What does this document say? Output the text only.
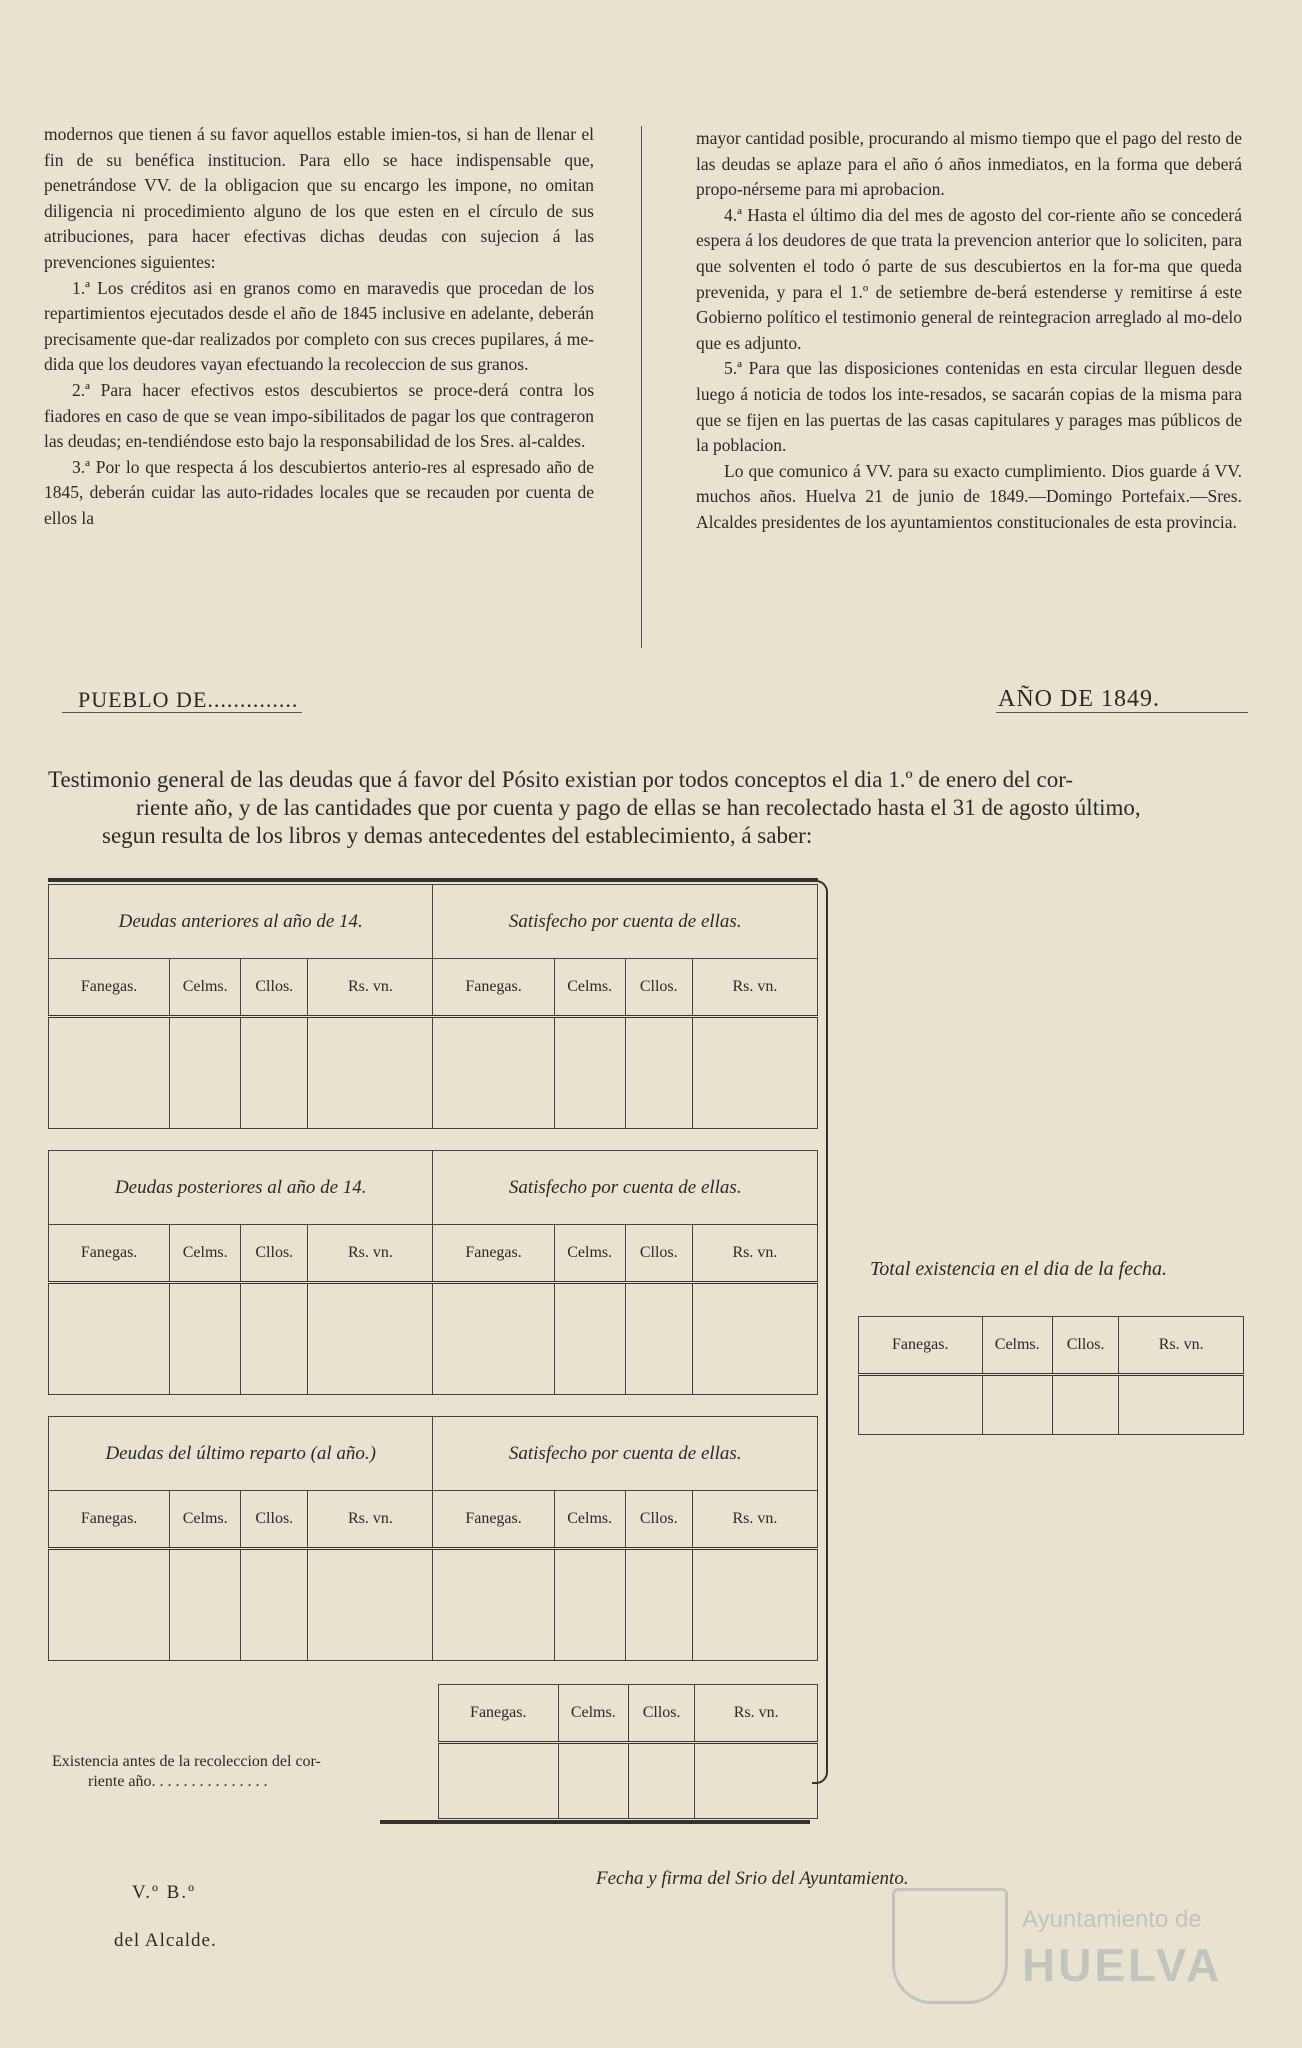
modernos que tienen á su favor aquellos estable imien-tos, si han de llenar el fin de su benéfica institucion. Para ello se hace indispensable que, penetrándose VV. de la obligacion que su encargo les impone, no omitan diligencia ni procedimiento alguno de los que esten en el círculo de sus atribuciones, para hacer efectivas dichas deudas con sujecion á las prevenciones siguientes:

1.ª Los créditos asi en granos como en maravedis que procedan de los repartimientos ejecutados desde el año de 1845 inclusive en adelante, deberán precisamente que-dar realizados por completo con sus creces pupilares, á me-dida que los deudores vayan efectuando la recoleccion de sus granos.

2.ª Para hacer efectivos estos descubiertos se proce-derá contra los fiadores en caso de que se vean impo-sibilitados de pagar los que contrageron las deudas; en-tendiéndose esto bajo la responsabilidad de los Sres. al-caldes.

3.ª Por lo que respecta á los descubiertos anterio-res al espresado año de 1845, deberán cuidar las auto-ridades locales que se recauden por cuenta de ellos la

mayor cantidad posible, procurando al mismo tiempo que el pago del resto de las deudas se aplaze para el año ó años inmediatos, en la forma que deberá propo-nérseme para mi aprobacion.

4.ª Hasta el último dia del mes de agosto del cor-riente año se concederá espera á los deudores de que trata la prevencion anterior que lo soliciten, para que solventen el todo ó parte de sus descubiertos en la for-ma que queda prevenida, y para el 1.º de setiembre de-berá estenderse y remitirse á este Gobierno político el testimonio general de reintegracion arreglado al mo-delo que es adjunto.

5.ª Para que las disposiciones contenidas en esta circular lleguen desde luego á noticia de todos los inte-resados, se sacarán copias de la misma para que se fijen en las puertas de las casas capitulares y parages mas públicos de la poblacion.

Lo que comunico á VV. para su exacto cumplimiento. Dios guarde á VV. muchos años. Huelva 21 de junio de 1849.—Domingo Portefaix.—Sres. Alcaldes presidentes de los ayuntamientos constitucionales de esta provincia.

PUEBLO DE..............	AÑO DE 1849.
Testimonio general de las deudas que á favor del Pósito existian por todos conceptos el dia 1.º de enero del cor-
riente año, y de las cantidades que por cuenta y pago de ellas se han recolectado hasta el 31 de agosto último,
segun resulta de los libros y demas antecedentes del establecimiento, á saber:
Deudas anteriores al año de 14.				Satisfecho por cuenta de ellas.			
Fanegas.	Celms.	Cllos.	Rs. vn.	Fanegas.	Celms.	Cllos.	Rs. vn.

Deudas posteriores al año de 14.				Satisfecho por cuenta de ellas.			
Fanegas.	Celms.	Cllos.	Rs. vn.	Fanegas.	Celms.	Cllos.	Rs. vn.

Deudas del último reparto (al año.)				Satisfecho por cuenta de ellas.			
Fanegas.	Celms.	Cllos.	Rs. vn.	Fanegas.	Celms.	Cllos.	Rs. vn.

Fanegas.	Celms.	Cllos.	Rs. vn.

Existencia antes de la recoleccion del cor-
riente año. . . . . . . . . . . . . . .
Total existencia en el dia de la fecha.
Fanegas.	Celms.	Cllos.	Rs. vn.

Fecha y firma del Srio del Ayuntamiento.
V.º B.º
del Alcalde.
Ayuntamiento de
HUELVA
